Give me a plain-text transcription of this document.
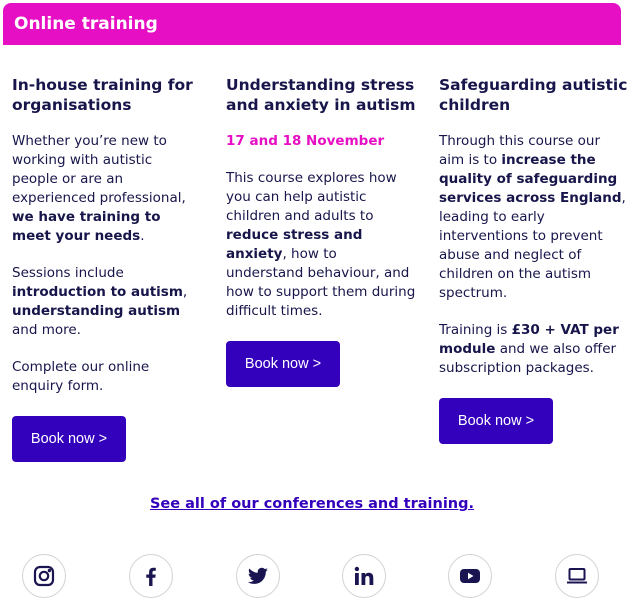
Online training
In-house training for organisations

Whether you’re new to working with autistic people or are an experienced professional, we have training to meet your needs.

Sessions include introduction to autism, understanding autism and more.

Complete our online enquiry form.

Book now >
Understanding stress and anxiety in autism

17 and 18 November

This course explores how you can help autistic children and adults to reduce stress and anxiety, how to understand behaviour, and how to support them during difficult times.

Book now >
Safeguarding autistic children

Through this course our aim is to increase the quality of safeguarding services across England, leading to early interventions to prevent abuse and neglect of children on the autism spectrum.

Training is £30 + VAT per module and we also offer subscription packages.

Book now >
See all of our conferences and training.
